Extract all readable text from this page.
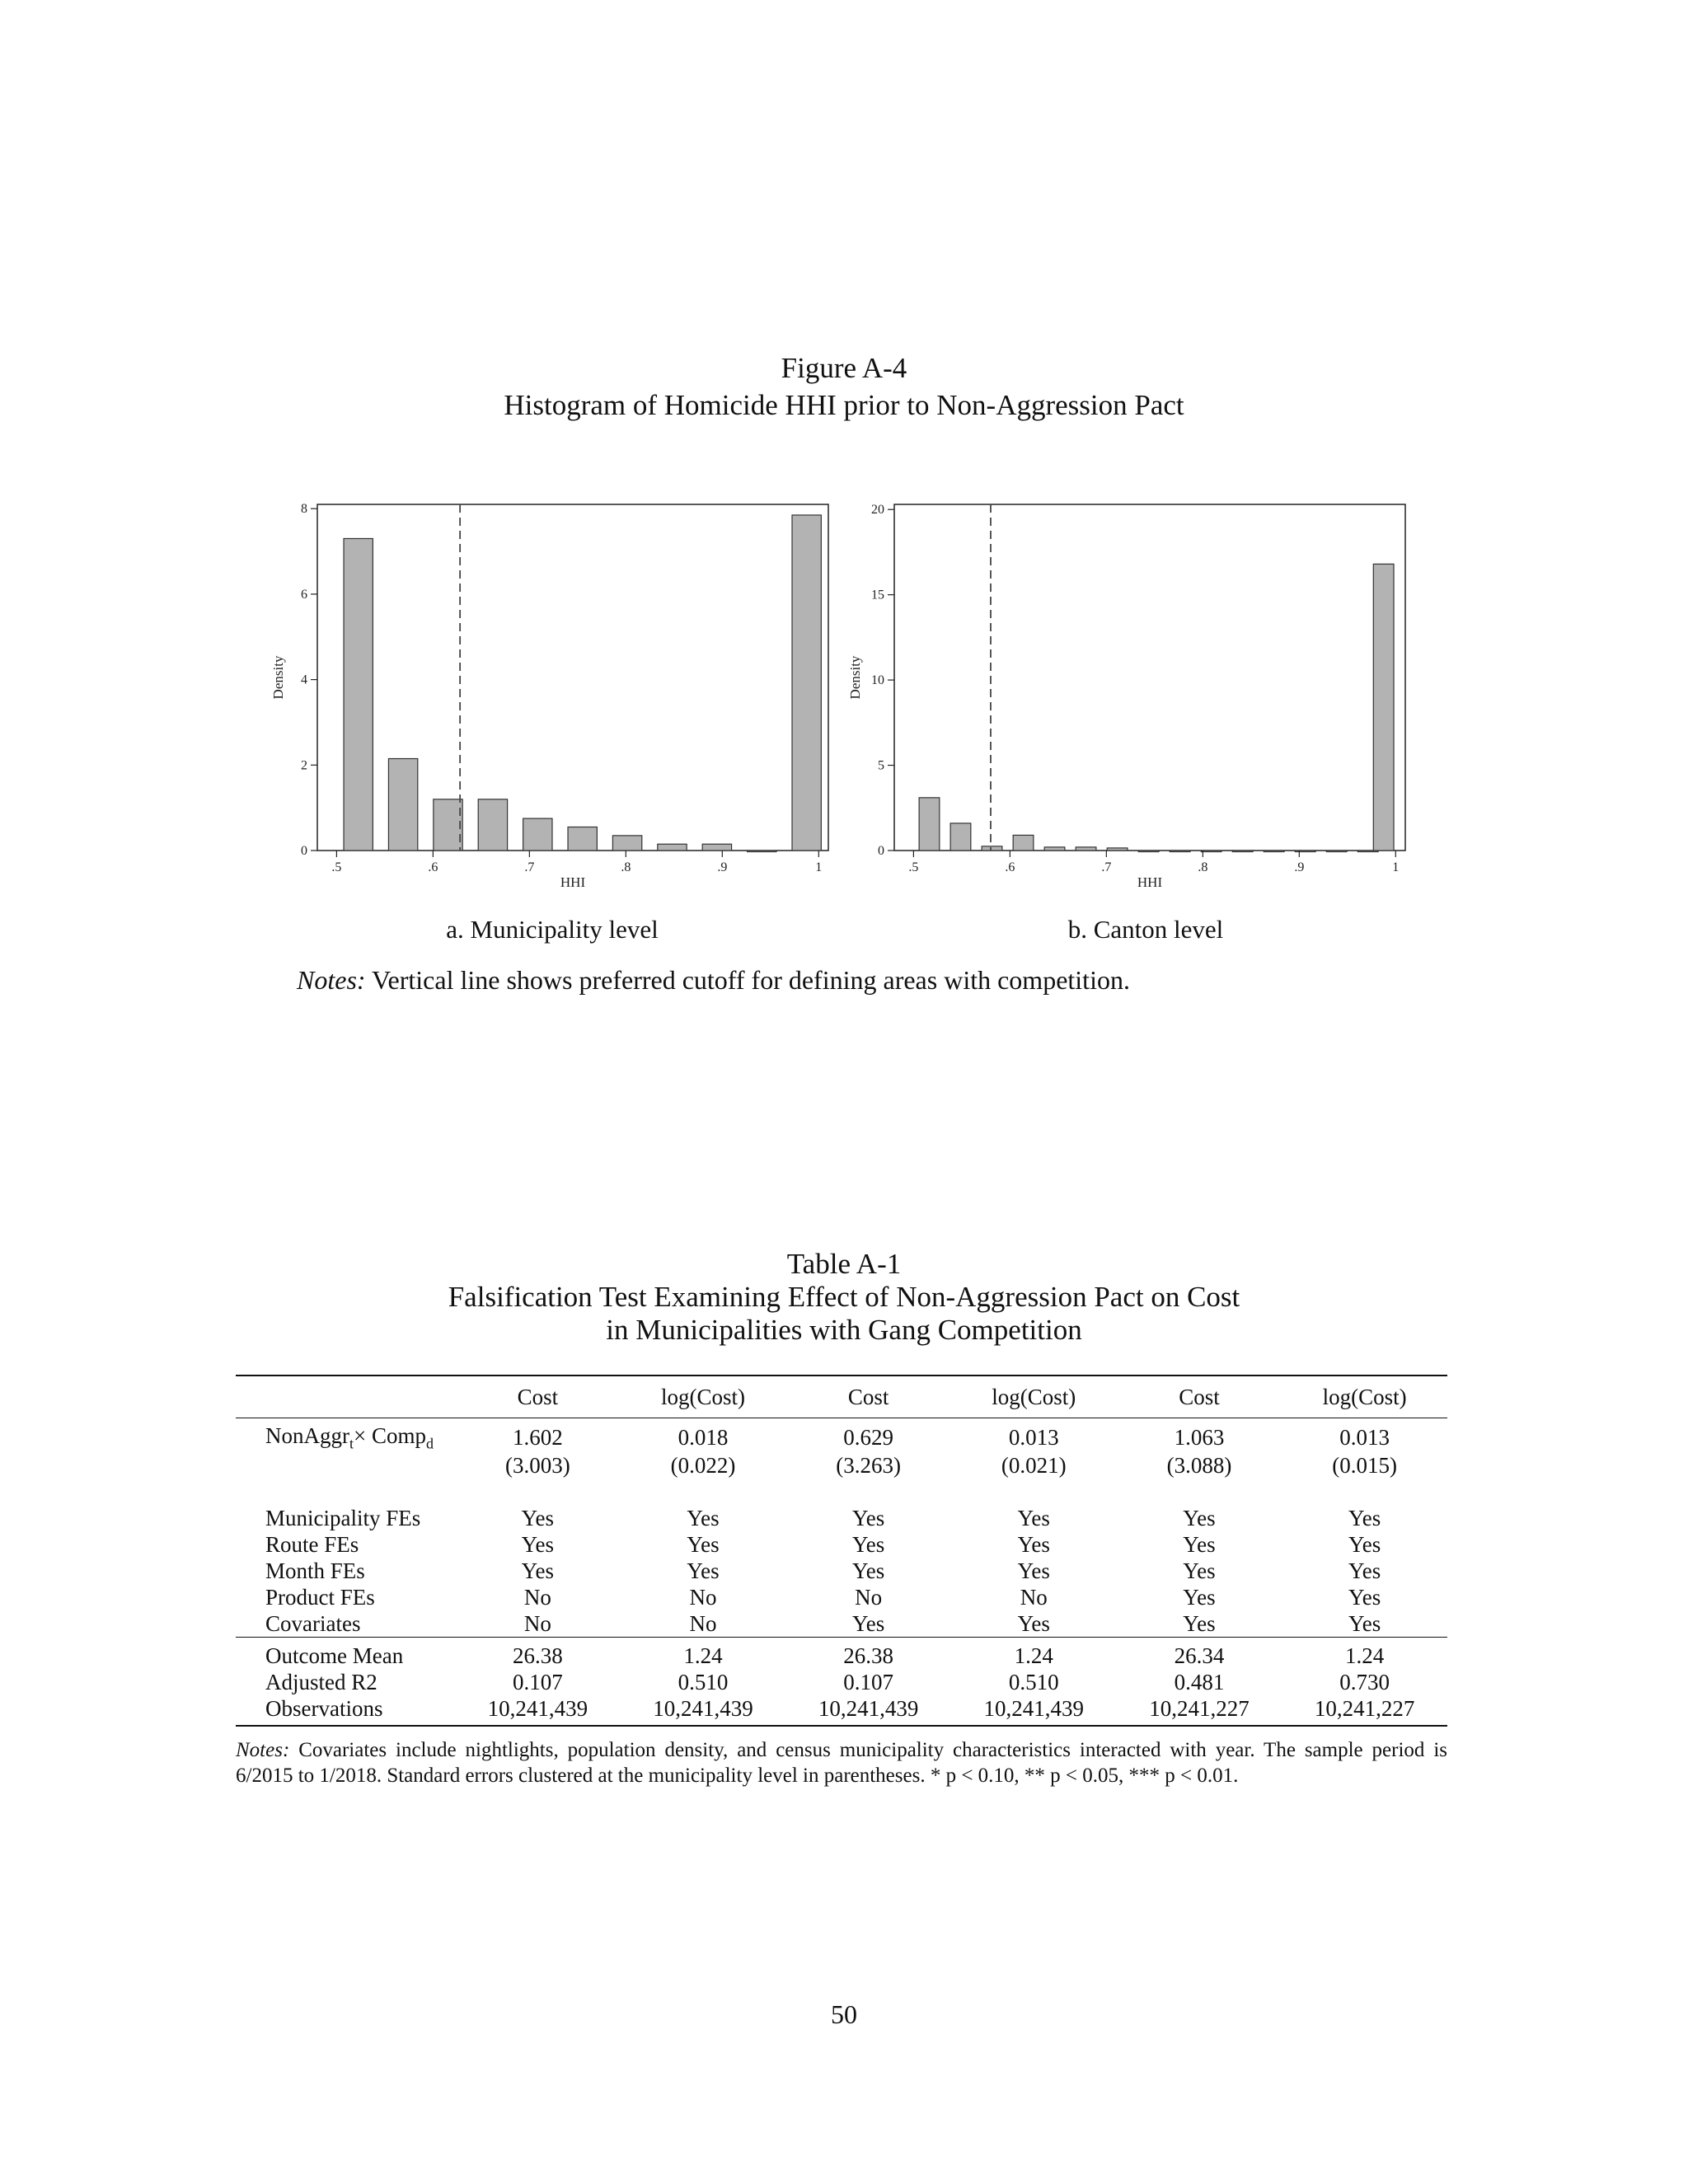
Figure A-4
Histogram of Homicide HHI prior to Non-Aggression Pact
.5	.6	.7	.8	.9	1
0
2
4
6
8
HHI
Density
.5	.6	.7	.8	.9	1
0
5
10
15
20
HHI
Density
a. Municipality level	b. Canton level
Notes: Vertical line shows preferred cutoff for defining areas with competition.
Table A-1
Falsification Test Examining Effect of Non-Aggression Pact on Cost
in Municipalities with Gang Competition
	Cost	log(Cost)	Cost	log(Cost)	Cost	log(Cost)
NonAggr$_t$× Comp$_d$	1.602	0.018	0.629	0.013	1.063	0.013
	(3.003)	(0.022)	(3.263)	(0.021)	(3.088)	(0.015)

Municipality FEs	Yes	Yes	Yes	Yes	Yes	Yes
Route FEs	Yes	Yes	Yes	Yes	Yes	Yes
Month FEs	Yes	Yes	Yes	Yes	Yes	Yes
Product FEs	No	No	No	No	Yes	Yes
Covariates	No	No	Yes	Yes	Yes	Yes
Outcome Mean	26.38	1.24	26.38	1.24	26.34	1.24
Adjusted R2	0.107	0.510	0.107	0.510	0.481	0.730
Observations	10,241,439	10,241,439	10,241,439	10,241,439	10,241,227	10,241,227
Notes: Covariates include nightlights, population density, and census municipality characteristics interacted with year. The sample period is 6/2015 to 1/2018. Standard errors clustered at the municipality level in parentheses. * p < 0.10, ** p < 0.05, *** p < 0.01.
50
